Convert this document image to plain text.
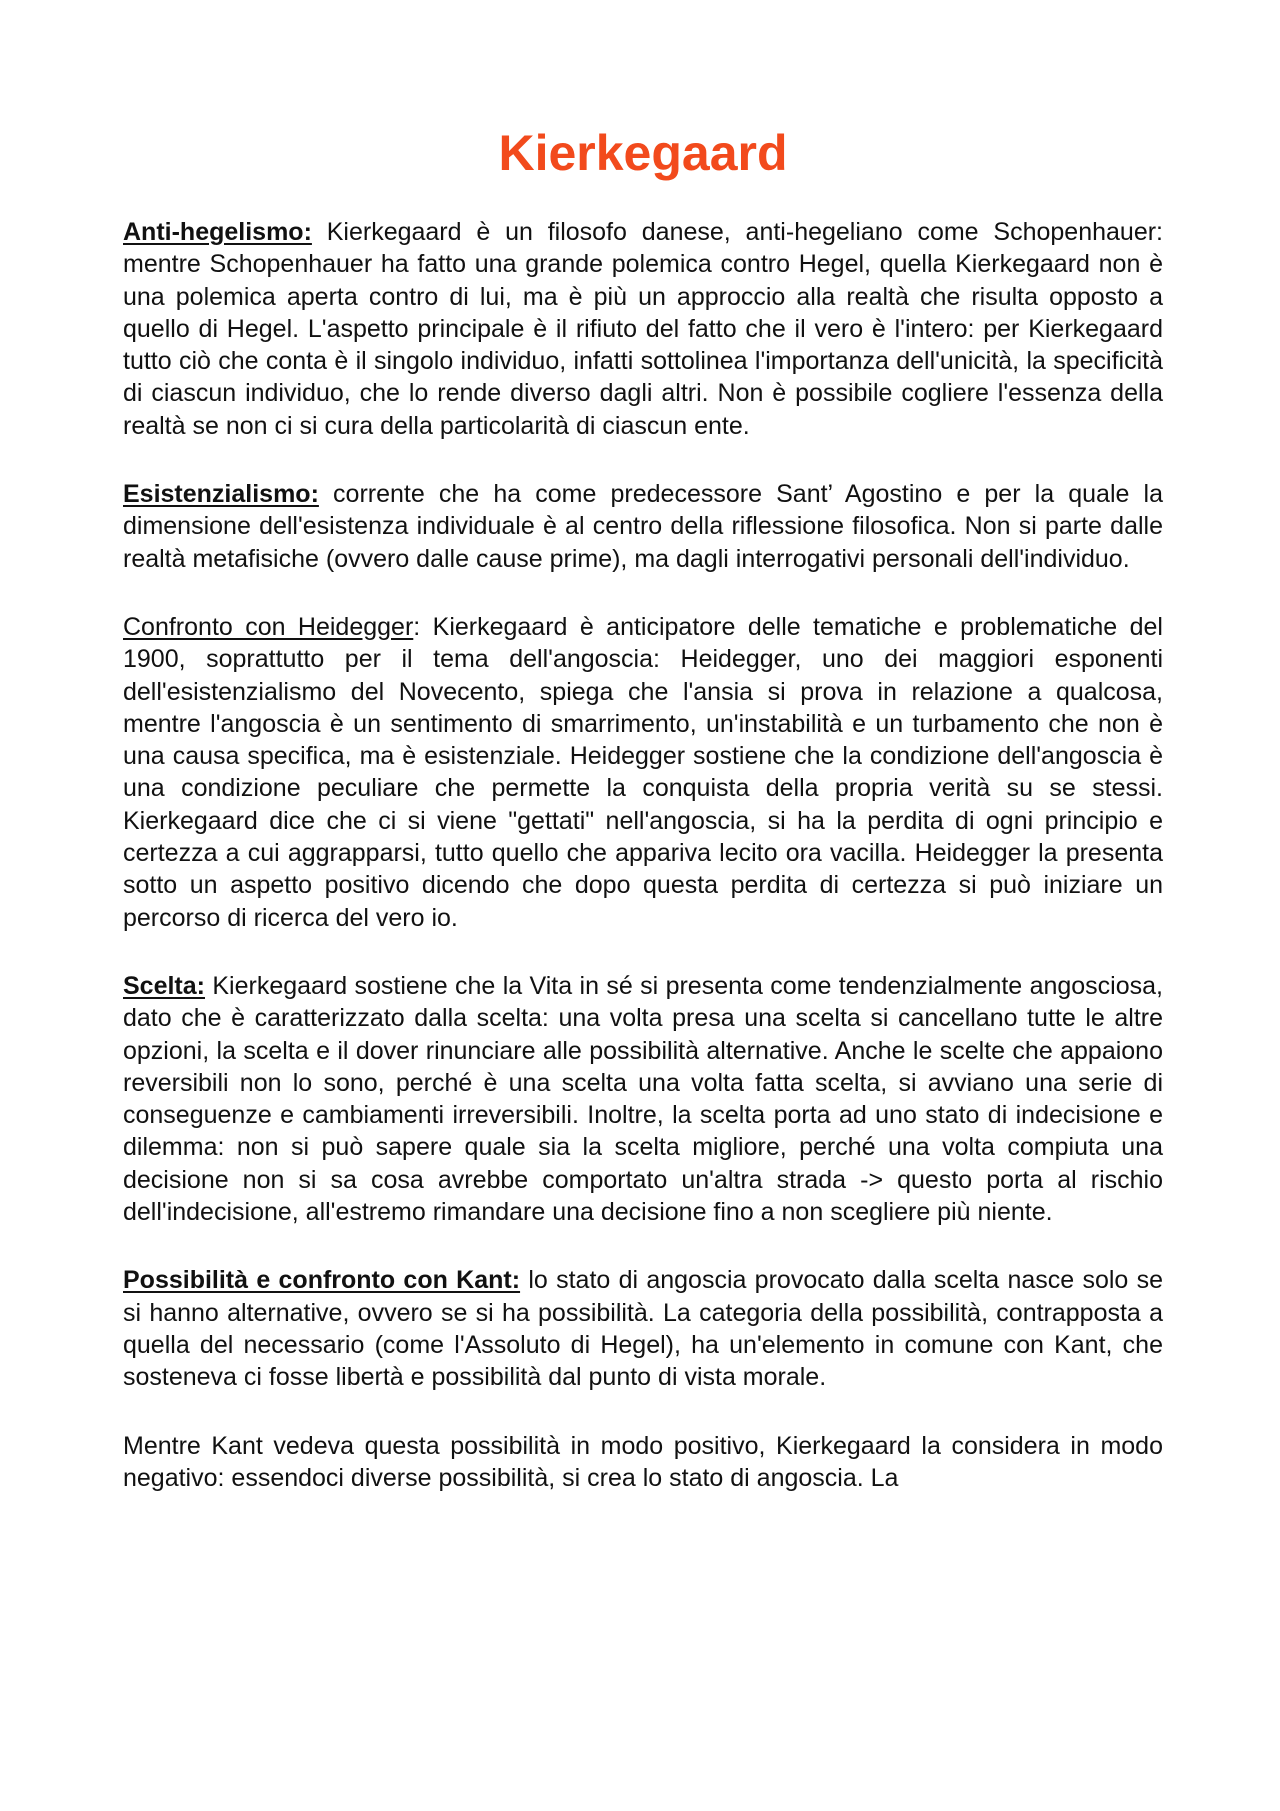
Kierkegaard

Anti-hegelismo: Kierkegaard è un filosofo danese, anti-hegeliano come Schopenhauer: mentre Schopenhauer ha fatto una grande polemica contro Hegel, quella Kierkegaard non è una polemica aperta contro di lui, ma è più un approccio alla realtà che risulta opposto a quello di Hegel. L'aspetto principale è il rifiuto del fatto che il vero è l'intero: per Kierkegaard tutto ciò che conta è il singolo individuo, infatti sottolinea l'importanza dell'unicità, la specificità di ciascun individuo, che lo rende diverso dagli altri. Non è possibile cogliere l'essenza della realtà se non ci si cura della particolarità di ciascun ente.

Esistenzialismo: corrente che ha come predecessore Sant’ Agostino e per la quale la dimensione dell'esistenza individuale è al centro della riflessione filosofica. Non si parte dalle realtà metafisiche (ovvero dalle cause prime), ma dagli interrogativi personali dell'individuo.

Confronto con Heidegger: Kierkegaard è anticipatore delle tematiche e problematiche del 1900, soprattutto per il tema dell'angoscia: Heidegger, uno dei maggiori esponenti dell'esistenzialismo del Novecento, spiega che l'ansia si prova in relazione a qualcosa, mentre l'angoscia è un sentimento di smarrimento, un'instabilità e un turbamento che non è una causa specifica, ma è esistenziale. Heidegger sostiene che la condizione dell'angoscia è una condizione peculiare che permette la conquista della propria verità su se stessi. Kierkegaard dice che ci si viene "gettati" nell'angoscia, si ha la perdita di ogni principio e certezza a cui aggrapparsi, tutto quello che appariva lecito ora vacilla. Heidegger la presenta sotto un aspetto positivo dicendo che dopo questa perdita di certezza si può iniziare un percorso di ricerca del vero io.

Scelta: Kierkegaard sostiene che la Vita in sé si presenta come tendenzialmente angosciosa, dato che è caratterizzato dalla scelta: una volta presa una scelta si cancellano tutte le altre opzioni, la scelta e il dover rinunciare alle possibilità alternative. Anche le scelte che appaiono reversibili non lo sono, perché è una scelta una volta fatta scelta, si avviano una serie di conseguenze e cambiamenti irreversibili. Inoltre, la scelta porta ad uno stato di indecisione e dilemma: non si può sapere quale sia la scelta migliore, perché una volta compiuta una decisione non si sa cosa avrebbe comportato un'altra strada -> questo porta al rischio dell'indecisione, all'estremo rimandare una decisione fino a non scegliere più niente.

Possibilità e confronto con Kant: lo stato di angoscia provocato dalla scelta nasce solo se si hanno alternative, ovvero se si ha possibilità. La categoria della possibilità, contrapposta a quella del necessario (come l'Assoluto di Hegel), ha un'elemento in comune con Kant, che sosteneva ci fosse libertà e possibilità dal punto di vista morale.

Mentre Kant vedeva questa possibilità in modo positivo, Kierkegaard la considera in modo negativo: essendoci diverse possibilità, si crea lo stato di angoscia. La
